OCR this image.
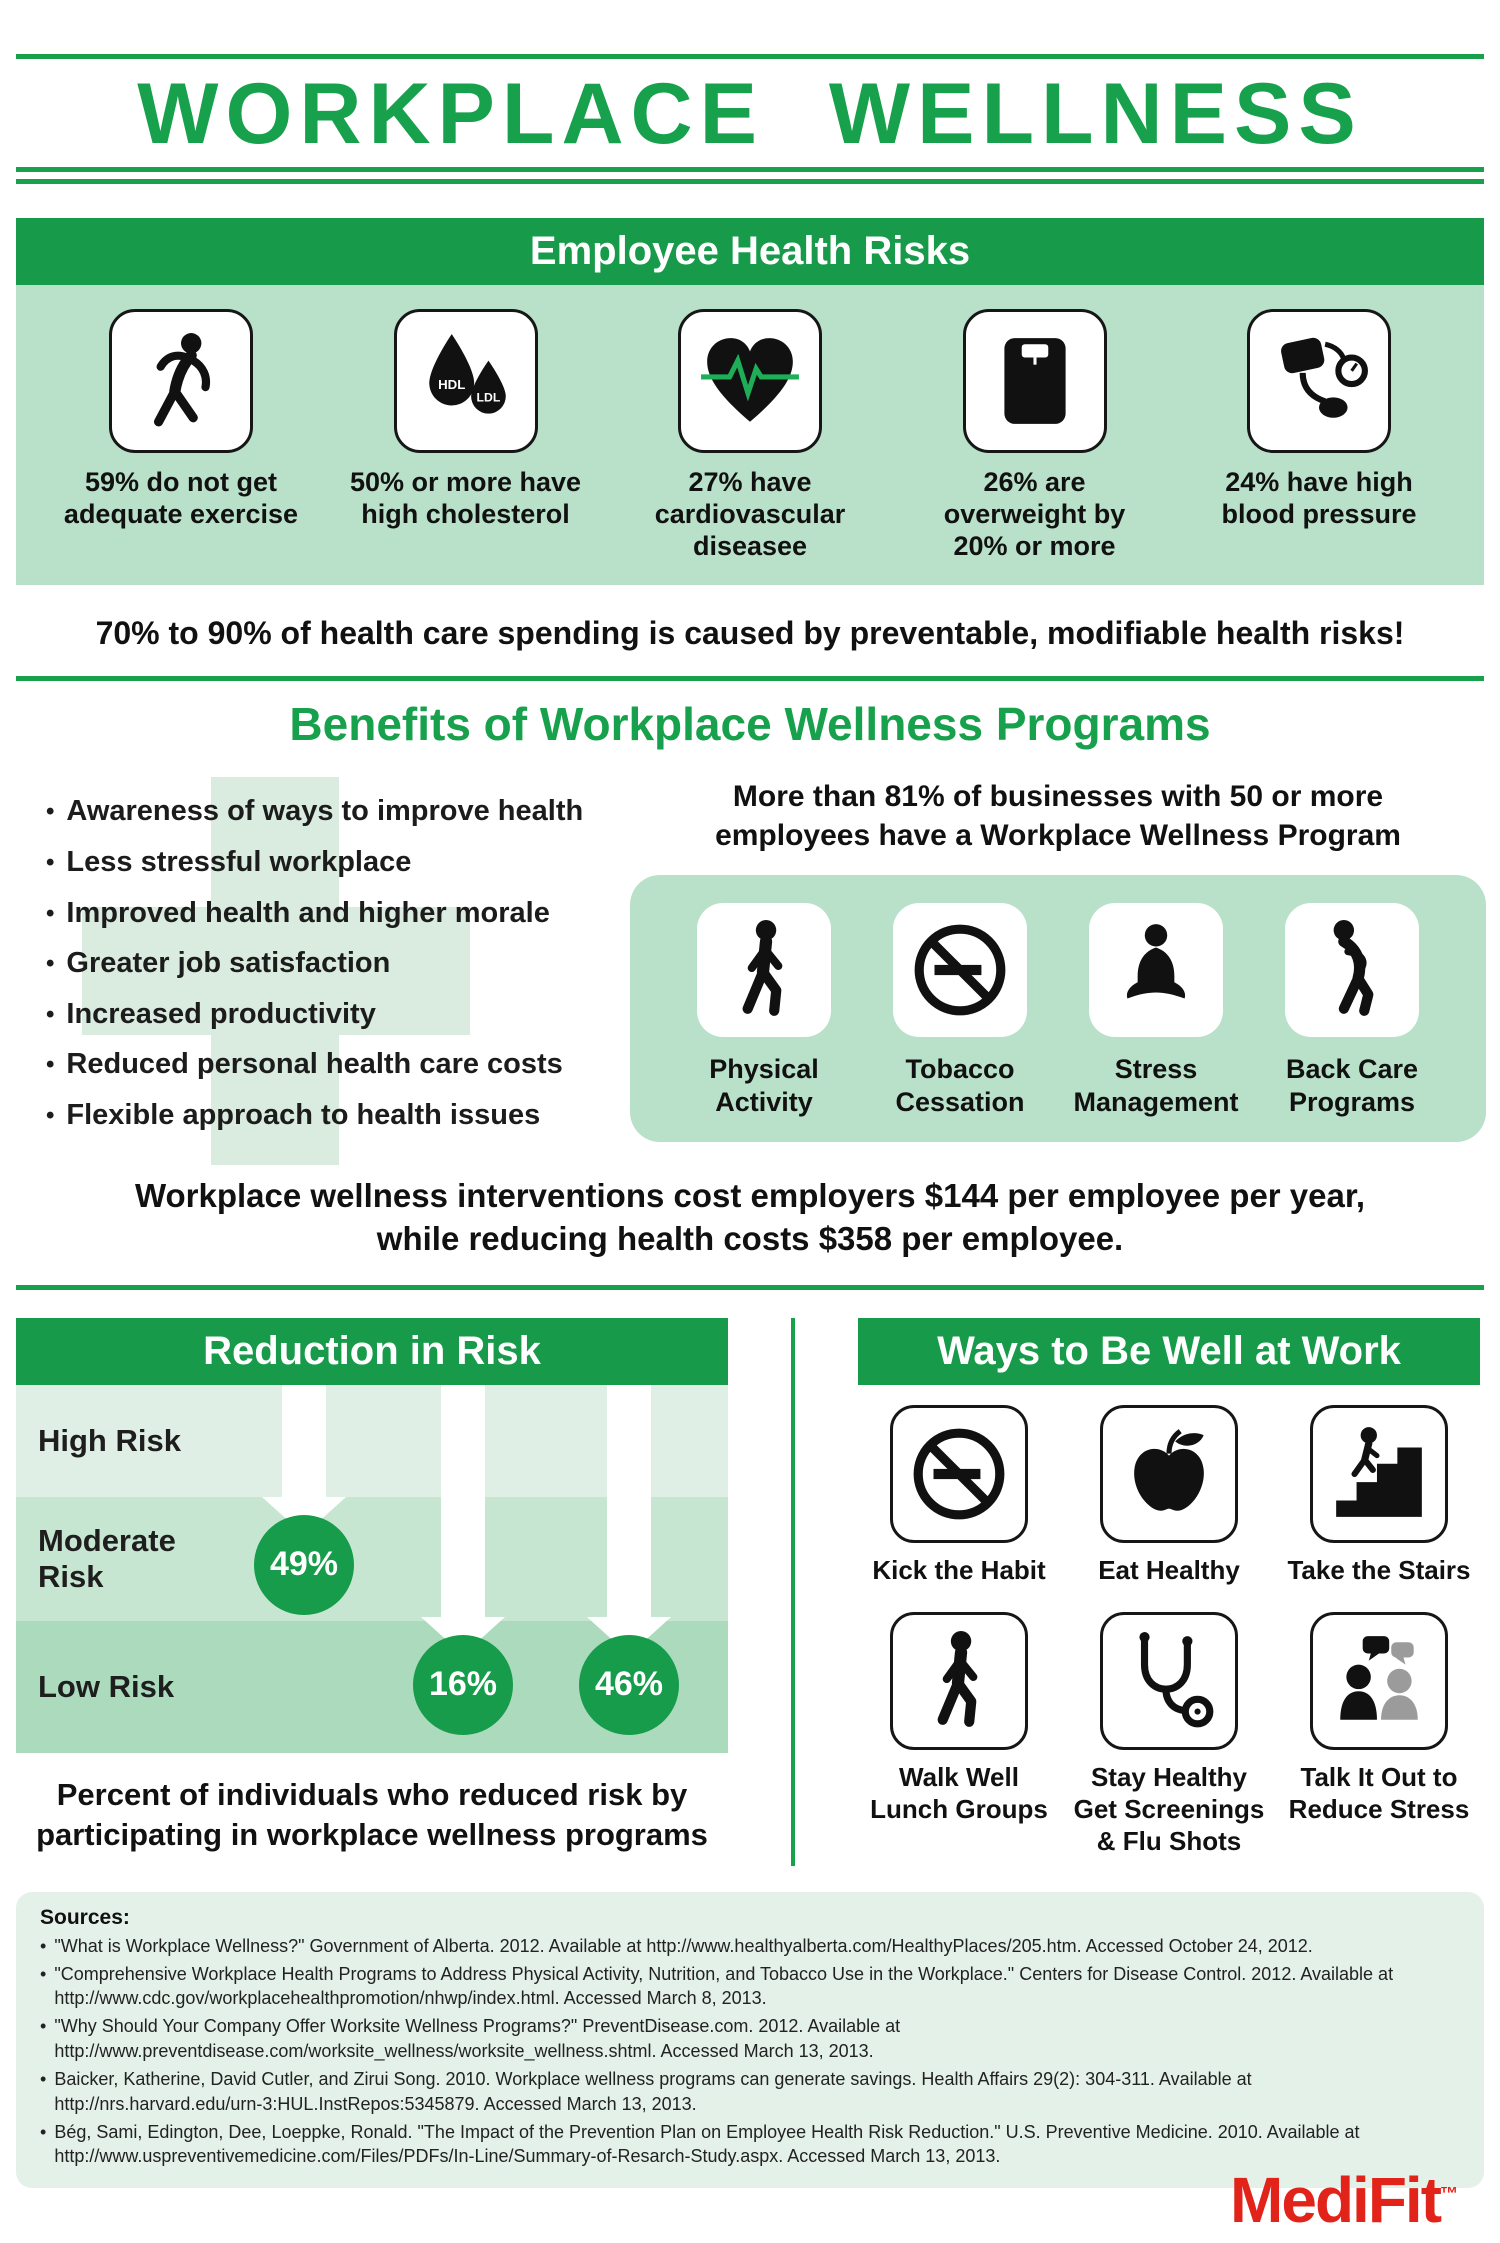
WORKPLACE WELLNESS
Employee Health Risks
59% do not get adequate exercise
HDL
LDL
50% or more have high cholesterol
27% have cardiovascular diseasee
26% are overweight by 20% or more
24% have high blood pressure
70% to 90% of health care spending is caused by preventable, modifiable health risks!
Benefits of Workplace Wellness Programs
• Awareness of ways to improve health
• Less stressful workplace
• Improved health and higher morale
• Greater job satisfaction
• Increased productivity
• Reduced personal health care costs
• Flexible approach to health issues
More than 81% of businesses with 50 or more employees have a Workplace Wellness Program
Physical Activity
Tobacco Cessation
Stress Management
Back Care Programs
Workplace wellness interventions cost employers $144 per employee per year,
while reducing health costs $358 per employee.
Reduction in Risk
High Risk
Moderate Risk
Low Risk
49%
16%	46%
Percent of individuals who reduced risk by participating in workplace wellness programs
Ways to Be Well at Work
Kick the Habit Eat Healthy Take the Stairs
Walk Well Lunch Groups
Stay Healthy Get Screenings & Flu Shots
Talk It Out to Reduce Stress
Sources:
• "What is Workplace Wellness?" Government of Alberta. 2012. Available at http://www.healthyalberta.com/HealthyPlaces/205.htm. Accessed October 24, 2012.
• "Comprehensive Workplace Health Programs to Address Physical Activity, Nutrition, and Tobacco Use in the Workplace." Centers for Disease Control. 2012. Available at http://www.cdc.gov/workplacehealthpromotion/nhwp/index.html. Accessed March 8, 2013.
• "Why Should Your Company Offer Worksite Wellness Programs?" PreventDisease.com. 2012. Available at http://www.preventdisease.com/worksite_wellness/worksite_wellness.shtml. Accessed March 13, 2013.
• Baicker, Katherine, David Cutler, and Zirui Song. 2010. Workplace wellness programs can generate savings. Health Affairs 29(2): 304-311. Available at http://nrs.harvard.edu/urn-3:HUL.InstRepos:5345879. Accessed March 13, 2013.
• Bég, Sami, Edington, Dee, Loeppke, Ronald. "The Impact of the Prevention Plan on Employee Health Risk Reduction." U.S. Preventive Medicine. 2010. Available at http://www.uspreventivemedicine.com/Files/PDFs/In-Line/Summary-of-Resarch-Study.aspx. Accessed March 13, 2013.
MediFit™
